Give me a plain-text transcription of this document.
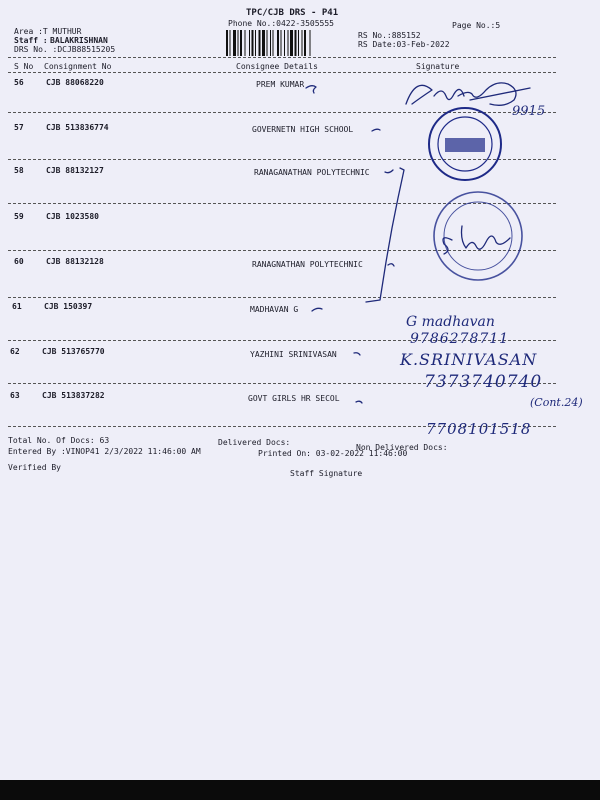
TPC/CJB DRS - P41
Phone No.:0422-3505555	Page No.:5
Area :T MUTHUR
Staff : BALAKRISHNAN
DRS No. :DCJB88515205
RS No.:885152
RS Date:03-Feb-2022
S No Consignment No	Consignee Details	Signature
56	CJB 88068220	PREM KUMAR
57	CJB 513836774	GOVERNETN HIGH SCHOOL
58	CJB 88132127	RANAGANATHAN POLYTECHNIC
59	CJB 1023580
60	CJB 88132128	RANAGNATHAN POLYTECHNIC
61	CJB 150397	MADHAVAN G
62	CJB 513765770	YAZHINI SRINIVASAN
63	CJB 513837282	GOVT GIRLS HR SECOL
Total No. Of Docs: 63	Delivered Docs:
Non Delivered Docs:
Entered By :VINOP41 2/3/2022 11:46:00 AM	Printed On: 03-02-2022 11:46:00
Verified By
Staff Signature
9915
G madhavan
9786278711
K.SRINIVASAN
7373740740
(Cont.24)
7708101518
